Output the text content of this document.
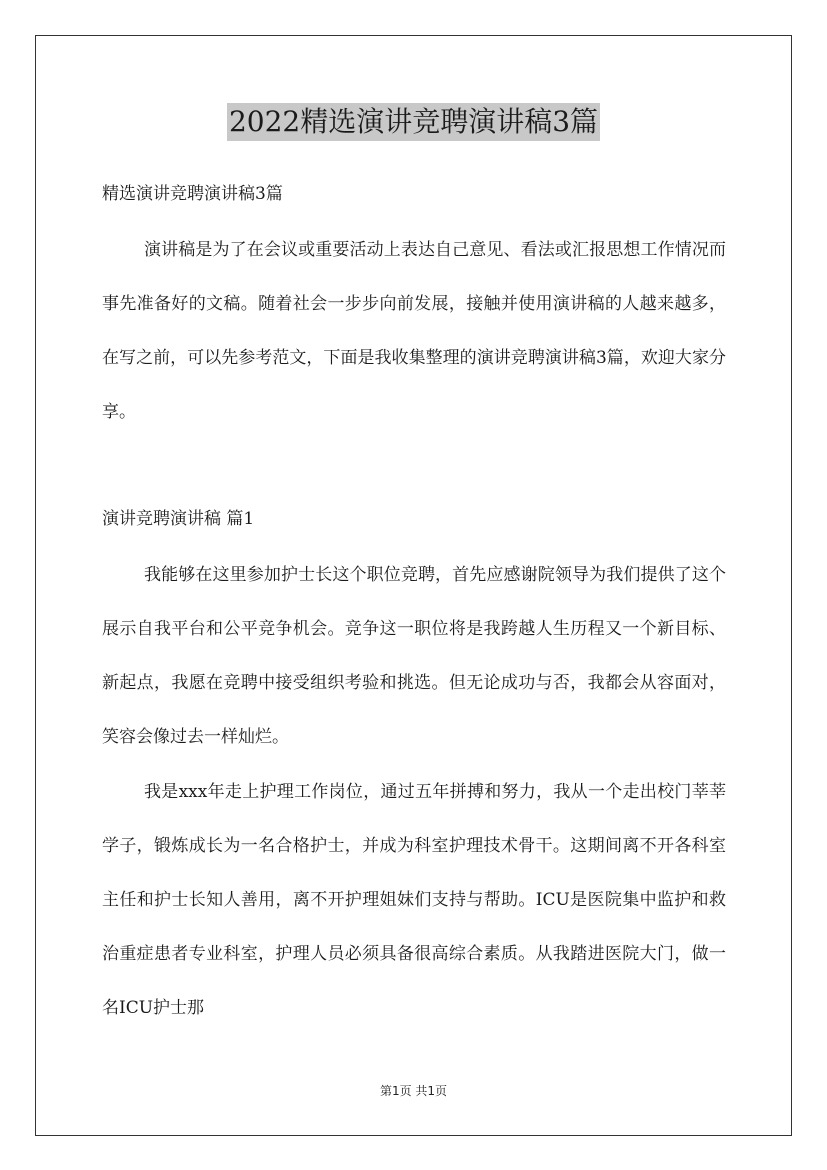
2022精选演讲竞聘演讲稿3篇
精选演讲竞聘演讲稿3篇
演讲稿是为了在会议或重要活动上表达自己意见、看法或汇报思想工作情况而事先准备好的文稿。随着社会一步步向前发展，接触并使用演讲稿的人越来越多，在写之前，可以先参考范文，下面是我收集整理的演讲竞聘演讲稿3篇，欢迎大家分享。
演讲竞聘演讲稿 篇1
我能够在这里参加护士长这个职位竞聘，首先应感谢院领导为我们提供了这个展示自我平台和公平竞争机会。竞争这一职位将是我跨越人生历程又一个新目标、新起点，我愿在竞聘中接受组织考验和挑选。但无论成功与否，我都会从容面对，笑容会像过去一样灿烂。
我是xxx年走上护理工作岗位，通过五年拼搏和努力，我从一个走出校门莘莘学子，锻炼成长为一名合格护士，并成为科室护理技术骨干。这期间离不开各科室主任和护士长知人善用，离不开护理姐妹们支持与帮助。ICU是医院集中监护和救治重症患者专业科室，护理人员必须具备很高综合素质。从我踏进医院大门，做一名ICU护士那
第1页 共1页
